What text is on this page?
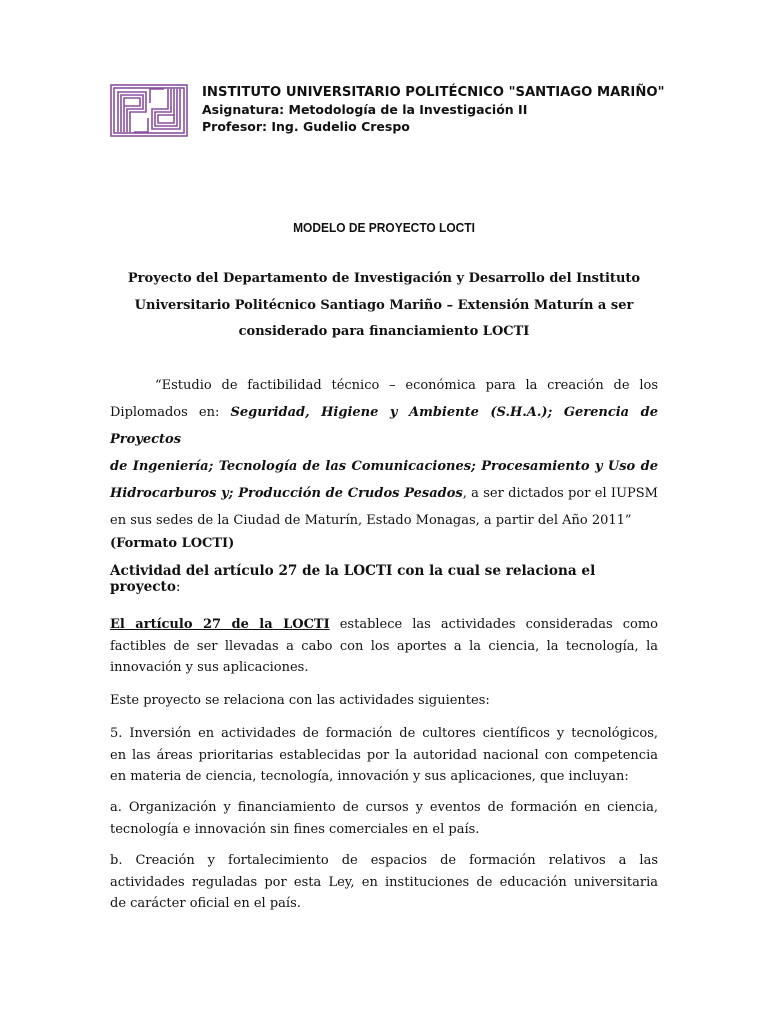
INSTITUTO UNIVERSITARIO POLITÉCNICO "SANTIAGO MARIÑO"
Asignatura: Metodología de la Investigación II
Profesor: Ing. Gudelio Crespo
MODELO DE PROYECTO LOCTI
Proyecto del Departamento de Investigación y Desarrollo del Instituto
Universitario Politécnico Santiago Mariño – Extensión Maturín a ser
considerado para financiamiento LOCTI
“Estudio de factibilidad técnico – económica para la creación de los
Diplomados en: Seguridad, Higiene y Ambiente (S.H.A.); Gerencia de Proyectos
de Ingeniería; Tecnología de las Comunicaciones; Procesamiento y Uso de
Hidrocarburos y; Producción de Crudos Pesados, a ser dictados por el IUPSM
en sus sedes de la Ciudad de Maturín, Estado Monagas, a partir del Año 2011”
(Formato LOCTI)
Actividad del artículo 27 de la LOCTI con la cual se relaciona el proyecto:
El artículo 27 de la LOCTI establece las actividades consideradas como
factibles de ser llevadas a cabo con los aportes a la ciencia, la tecnología, la
innovación y sus aplicaciones.
Este proyecto se relaciona con las actividades siguientes:
5. Inversión en actividades de formación de cultores científicos y tecnológicos,
en las áreas prioritarias establecidas por la autoridad nacional con competencia
en materia de ciencia, tecnología, innovación y sus aplicaciones, que incluyan:
a. Organización y financiamiento de cursos y eventos de formación en ciencia,
tecnología e innovación sin fines comerciales en el país.
b. Creación y fortalecimiento de espacios de formación relativos a las
actividades reguladas por esta Ley, en instituciones de educación universitaria
de carácter oficial en el país.
